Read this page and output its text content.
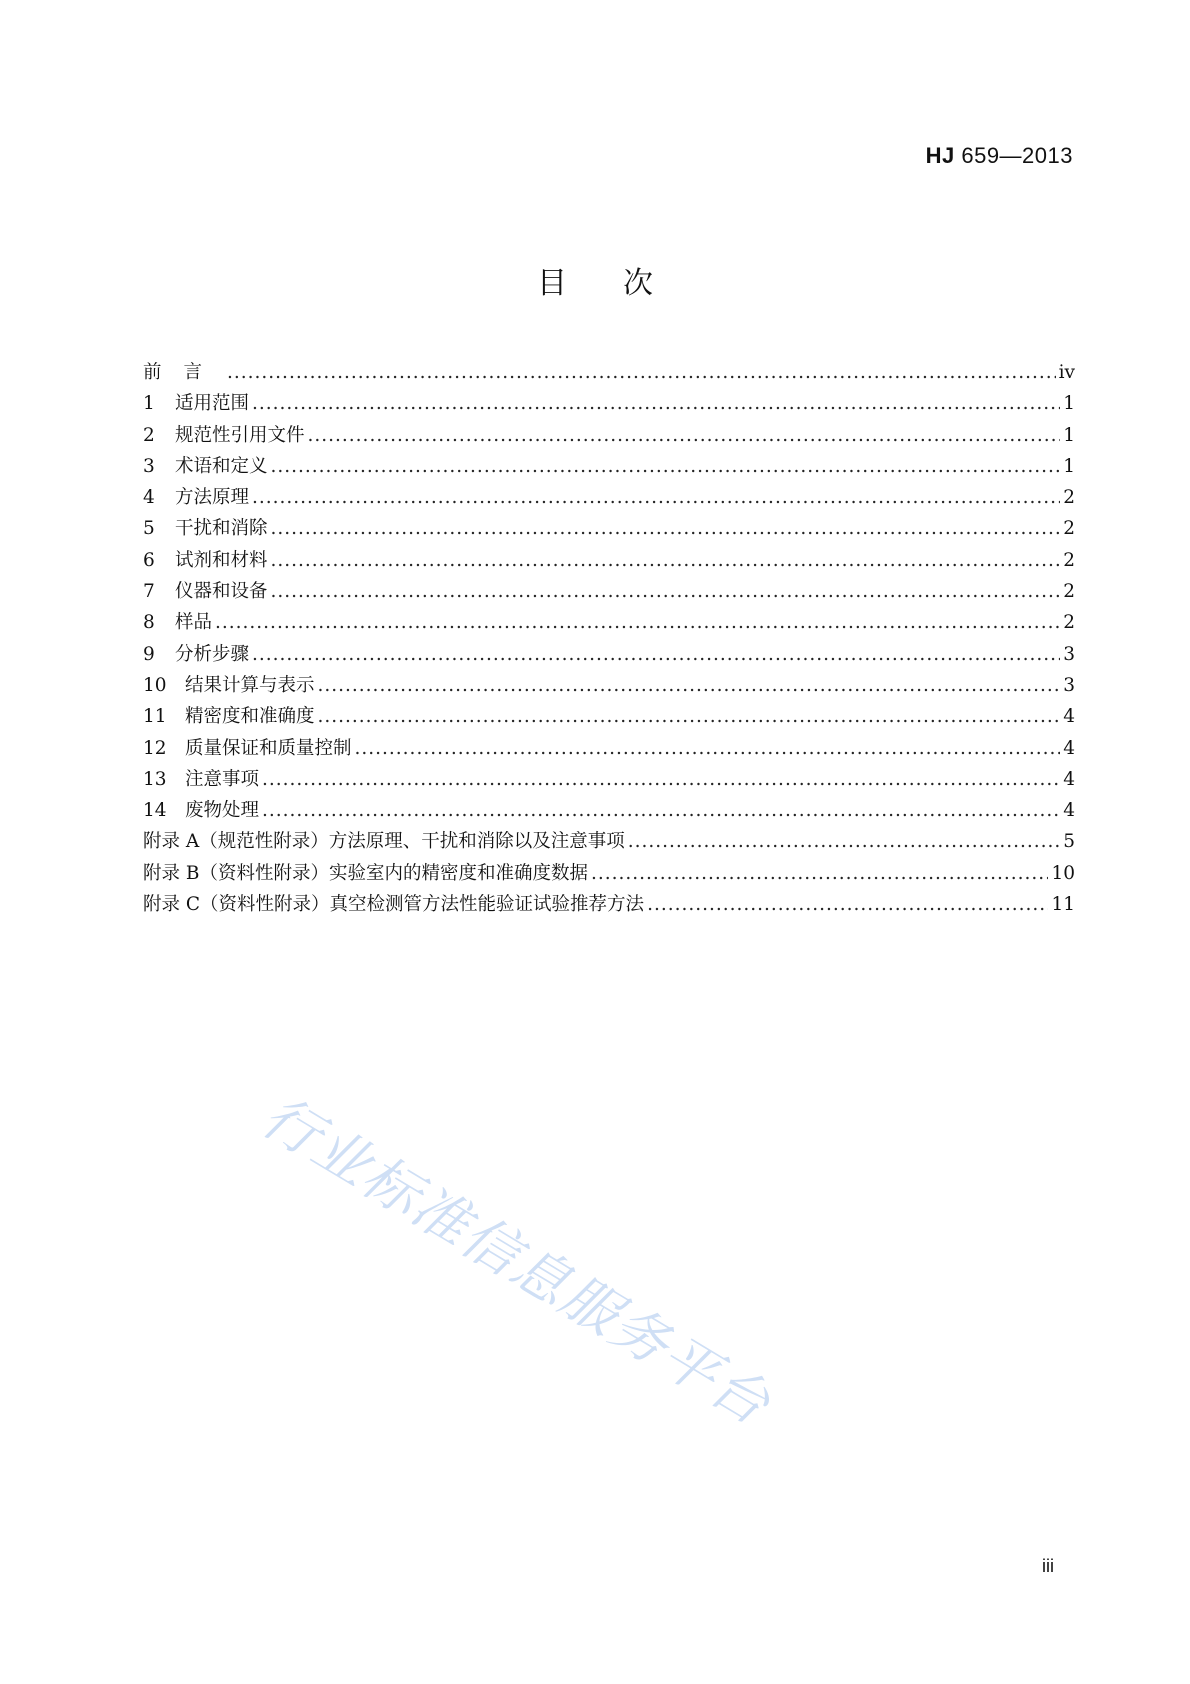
HJ 659—2013
目次
前言 .....	iv
1	适用范围 .....	1
2	规范性引用文件 .....	1
3	术语和定义 .....	1
4	方法原理 .....	2
5	干扰和消除 .....	2
6	试剂和材料 .....	2
7	仪器和设备 .....	2
8	样品 .....	2
9	分析步骤 .....	3
10 结果计算与表示 .....	3
11 精密度和准确度 .....	4
12 质量保证和质量控制 .....	4
13 注意事项 .....	4
14 废物处理 .....	4
附录 A（规范性附录） 方法原理、干扰和消除以及注意事项 .....	5
附录 B（资料性附录） 实验室内的精密度和准确度数据 .....	10
附录 C（资料性附录） 真空检测管方法性能验证试验推荐方法 .....	11
行业标准信息服务平台
iii
